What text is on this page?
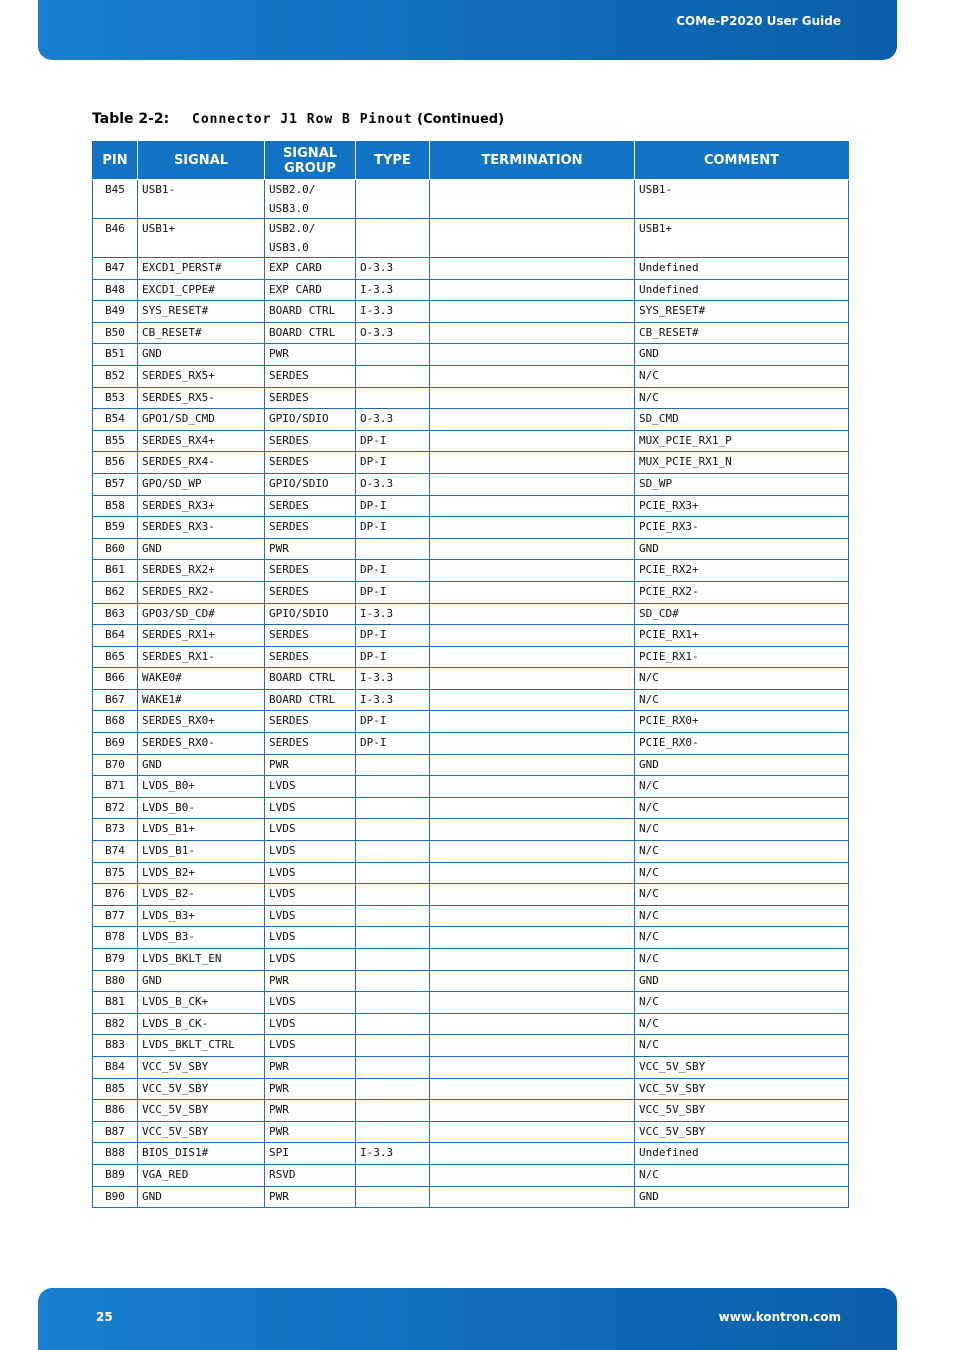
COMe-P2020 User Guide
Table 2-2: Connector J1 Row B Pinout (Continued)
PIN	SIGNAL	SIGNAL GROUP	TYPE	TERMINATION	COMMENT
B45	USB1-	USB2.0/ USB3.0			USB1-
B46	USB1+	USB2.0/ USB3.0			USB1+
B47	EXCD1_PERST#	EXP CARD	O-3.3		Undefined
B48	EXCD1_CPPE#	EXP CARD	I-3.3		Undefined
B49	SYS_RESET#	BOARD CTRL	I-3.3		SYS_RESET#
B50	CB_RESET#	BOARD CTRL	O-3.3		CB_RESET#
B51	GND	PWR			GND
B52	SERDES_RX5+	SERDES			N/C
B53	SERDES_RX5-	SERDES			N/C
B54	GPO1/SD_CMD	GPIO/SDIO	O-3.3		SD_CMD
B55	SERDES_RX4+	SERDES	DP-I		MUX_PCIE_RX1_P
B56	SERDES_RX4-	SERDES	DP-I		MUX_PCIE_RX1_N
B57	GPO/SD_WP	GPIO/SDIO	O-3.3		SD_WP
B58	SERDES_RX3+	SERDES	DP-I		PCIE_RX3+
B59	SERDES_RX3-	SERDES	DP-I		PCIE_RX3-
B60	GND	PWR			GND
B61	SERDES_RX2+	SERDES	DP-I		PCIE_RX2+
B62	SERDES_RX2-	SERDES	DP-I		PCIE_RX2-
B63	GPO3/SD_CD#	GPIO/SDIO	I-3.3		SD_CD#
B64	SERDES_RX1+	SERDES	DP-I		PCIE_RX1+
B65	SERDES_RX1-	SERDES	DP-I		PCIE_RX1-
B66	WAKE0#	BOARD CTRL	I-3.3		N/C
B67	WAKE1#	BOARD CTRL	I-3.3		N/C
B68	SERDES_RX0+	SERDES	DP-I		PCIE_RX0+
B69	SERDES_RX0-	SERDES	DP-I		PCIE_RX0-
B70	GND	PWR			GND
B71	LVDS_B0+	LVDS			N/C
B72	LVDS_B0-	LVDS			N/C
B73	LVDS_B1+	LVDS			N/C
B74	LVDS_B1-	LVDS			N/C
B75	LVDS_B2+	LVDS			N/C
B76	LVDS_B2-	LVDS			N/C
B77	LVDS_B3+	LVDS			N/C
B78	LVDS_B3-	LVDS			N/C
B79	LVDS_BKLT_EN	LVDS			N/C
B80	GND	PWR			GND
B81	LVDS_B_CK+	LVDS			N/C
B82	LVDS_B_CK-	LVDS			N/C
B83	LVDS_BKLT_CTRL	LVDS			N/C
B84	VCC_5V_SBY	PWR			VCC_5V_SBY
B85	VCC_5V_SBY	PWR			VCC_5V_SBY
B86	VCC_5V_SBY	PWR			VCC_5V_SBY
B87	VCC_5V_SBY	PWR			VCC_5V_SBY
B88	BIOS_DIS1#	SPI	I-3.3		Undefined
B89	VGA_RED	RSVD			N/C
B90	GND	PWR			GND
25	www.kontron.com
